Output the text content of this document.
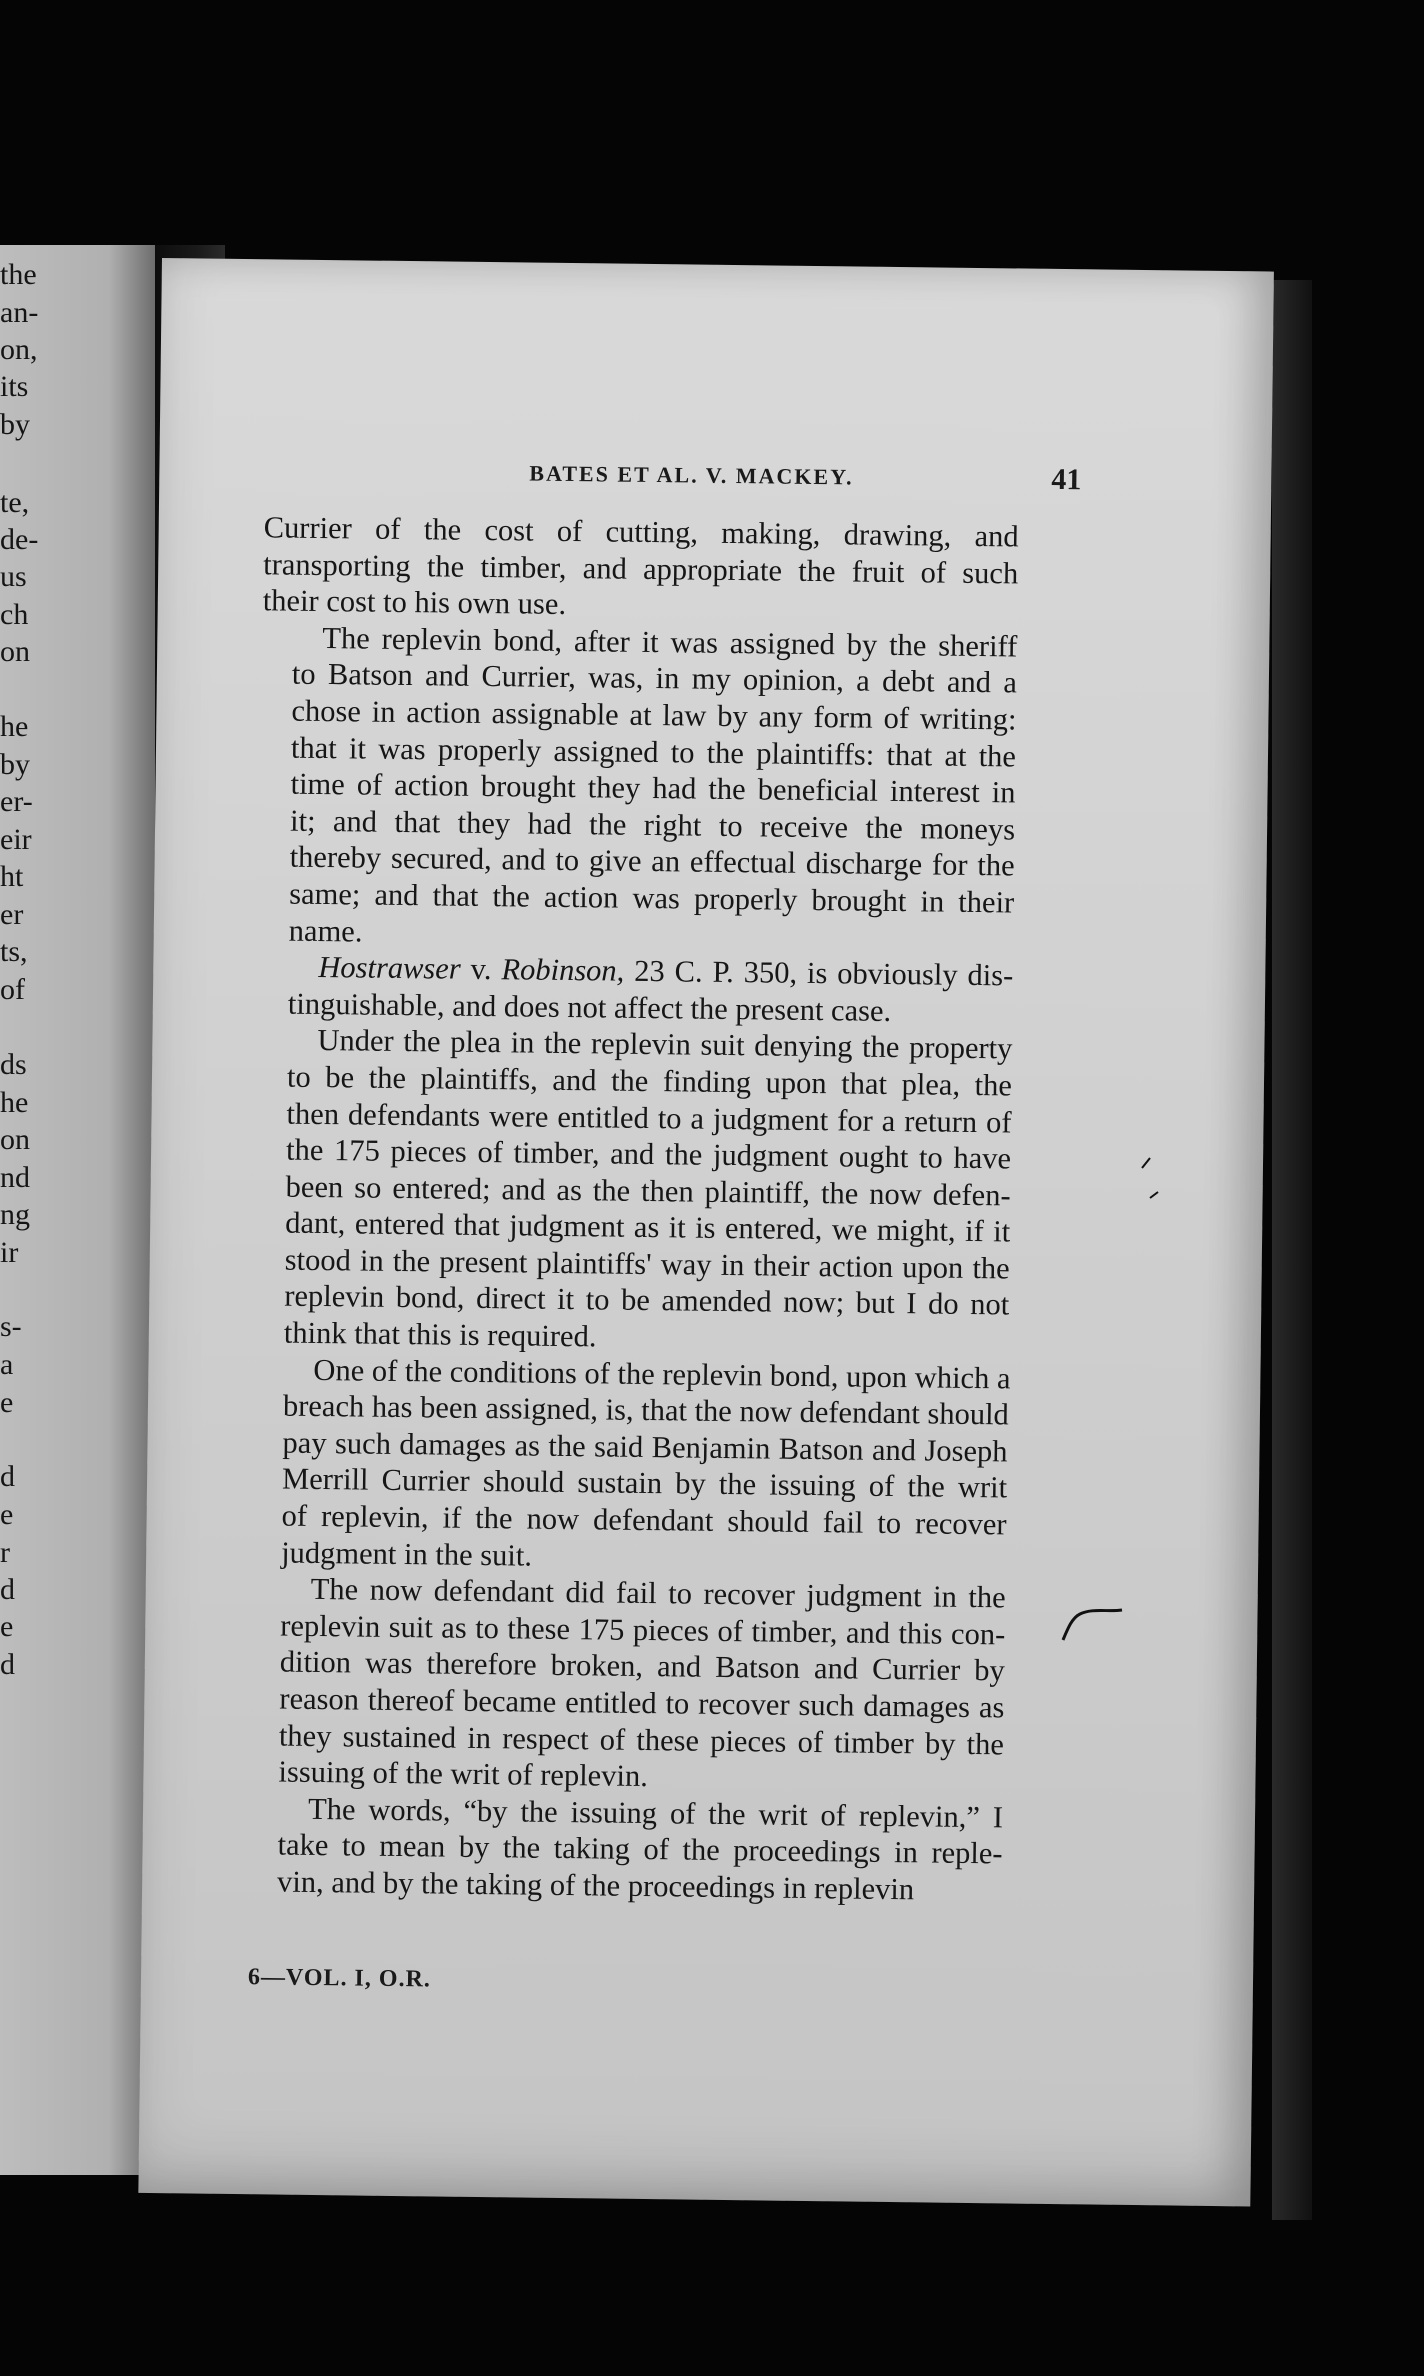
the
an-
on,
its
by
te,
de-
us
ch
on
he
by
er-
eir
ht
er
ts,
of
ds
he
on
nd
ng
ir
s-
a
e
d
e
r
d
e
d
BATES ET AL. V. MACKEY.	41

Currier of the cost of cutting, making, drawing, and
transporting the timber, and appropriate the fruit of such
their cost to his own use.

The replevin bond, after it was assigned by the sheriff
to Batson and Currier, was, in my opinion, a debt and a
chose in action assignable at law by any form of writing:
that it was properly assigned to the plaintiffs: that at the
time of action brought they had the beneficial interest in
it; and that they had the right to receive the moneys
thereby secured, and to give an effectual discharge for the
same; and that the action was properly brought in their
name.

Hostrawser v. Robinson, 23 C. P. 350, is obviously dis-
tinguishable, and does not affect the present case.

Under the plea in the replevin suit denying the property
to be the plaintiffs, and the finding upon that plea, the
then defendants were entitled to a judgment for a return of
the 175 pieces of timber, and the judgment ought to have
been so entered; and as the then plaintiff, the now defen-
dant, entered that judgment as it is entered, we might, if it
stood in the present plaintiffs' way in their action upon the
replevin bond, direct it to be amended now; but I do not
think that this is required.

One of the conditions of the replevin bond, upon which a
breach has been assigned, is, that the now defendant should
pay such damages as the said Benjamin Batson and Joseph
Merrill Currier should sustain by the issuing of the writ
of replevin, if the now defendant should fail to recover
judgment in the suit.

The now defendant did fail to recover judgment in the
replevin suit as to these 175 pieces of timber, and this con-
dition was therefore broken, and Batson and Currier by
reason thereof became entitled to recover such damages as
they sustained in respect of these pieces of timber by the
issuing of the writ of replevin.

The words, “by the issuing of the writ of replevin,” I
take to mean by the taking of the proceedings in reple-
vin, and by the taking of the proceedings in replevin

6—VOL. I, O.R.
